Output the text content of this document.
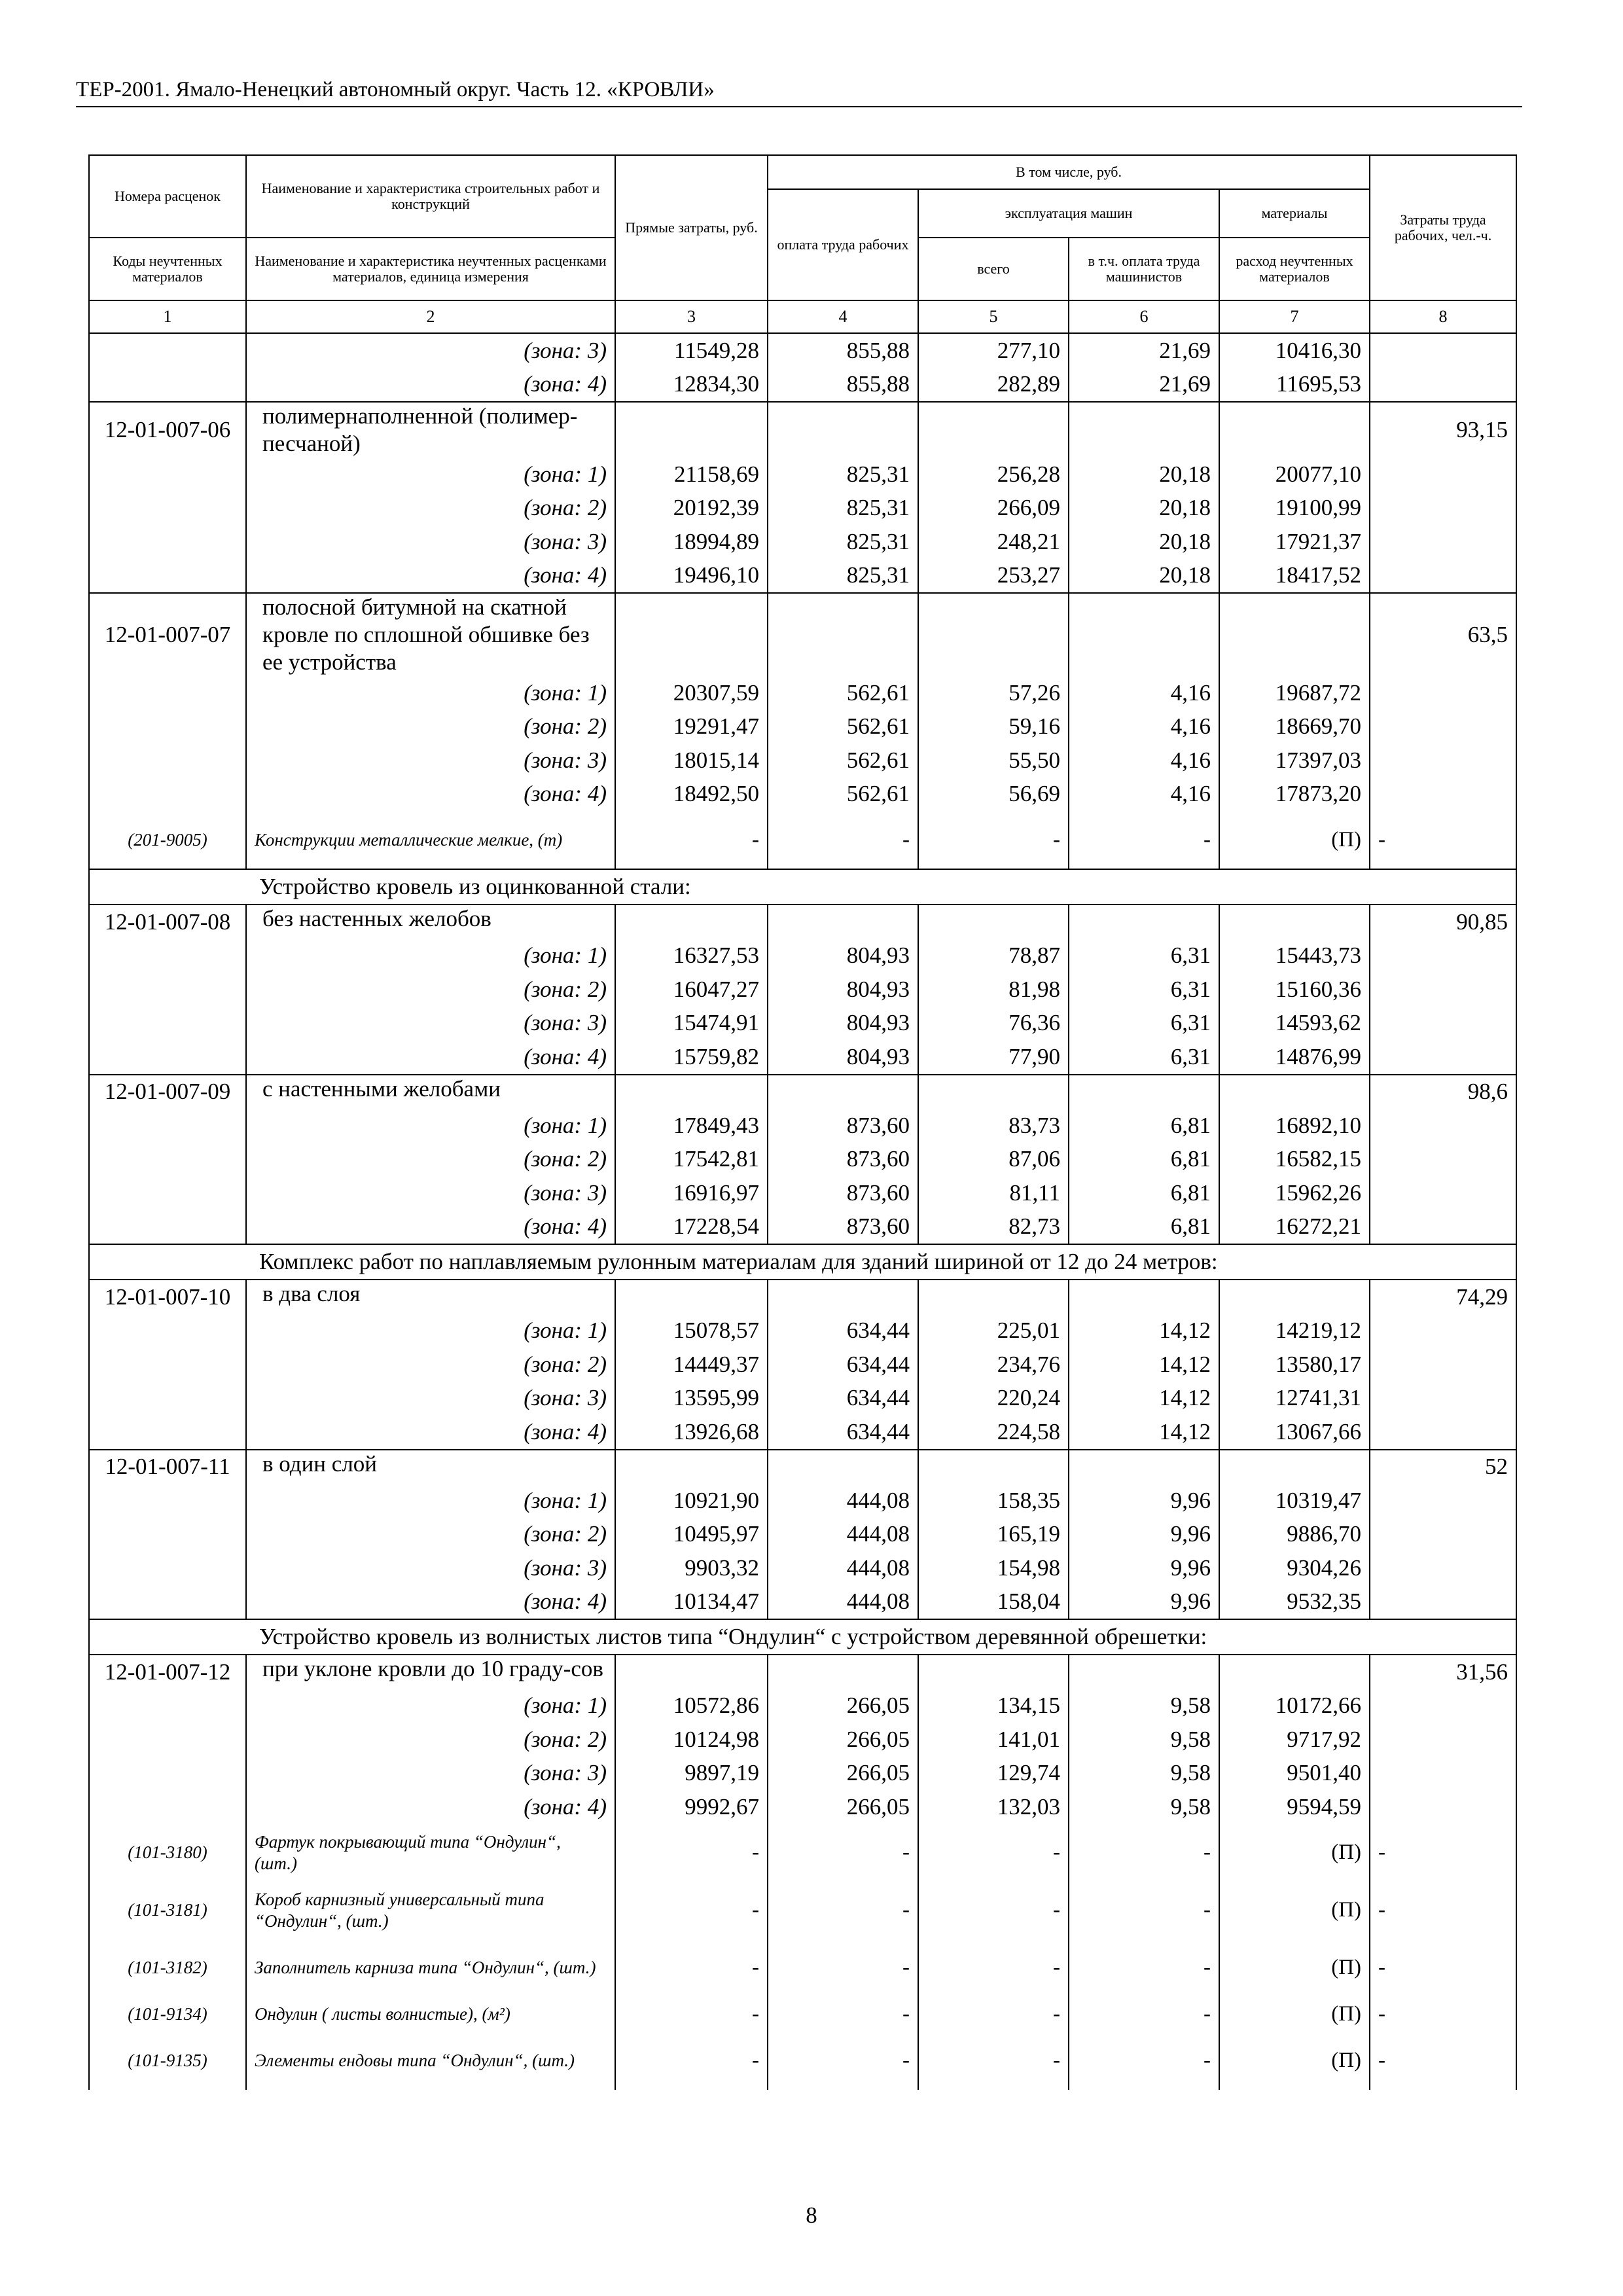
ТЕР-2001. Ямало-Ненецкий автономный округ. Часть 12. «КРОВЛИ»
Номера расценок	Наименование и характеристика строительных работ и конструкций	Прямые затраты, руб.	В том числе, руб.				Затраты труда рабочих, чел.-ч.
			оплата труда рабочих	эксплуатация машин		материалы	

Коды неучтенных материалов	Наименование и характеристика неучтенных расценками материалов, единица измерения			всего	в т.ч. оплата труда машинистов	расход неучтенных материалов	

1	2	3	4	5	6	7	8
	(зона: 3)	11549,28	855,88	277,10	21,69	10416,30	
	(зона: 4)	12834,30	855,88	282,89	21,69	11695,53	
12-01-007-06	полимернаполненной (полимер-песчаной)						93,15
	(зона: 1)	21158,69	825,31	256,28	20,18	20077,10	
	(зона: 2)	20192,39	825,31	266,09	20,18	19100,99	
	(зона: 3)	18994,89	825,31	248,21	20,18	17921,37	
	(зона: 4)	19496,10	825,31	253,27	20,18	18417,52	
12-01-007-07	полосной битумной на скатной кровле по сплошной обшивке без ее устройства						63,5
	(зона: 1)	20307,59	562,61	57,26	4,16	19687,72	
	(зона: 2)	19291,47	562,61	59,16	4,16	18669,70	
	(зона: 3)	18015,14	562,61	55,50	4,16	17397,03	
	(зона: 4)	18492,50	562,61	56,69	4,16	17873,20	
(201-9005)	Конструкции металлические мелкие, (т)	-	-	-	-	(П)	-
Устройство кровель из оцинкованной стали:							
12-01-007-08	без настенных желобов						90,85
	(зона: 1)	16327,53	804,93	78,87	6,31	15443,73	
	(зона: 2)	16047,27	804,93	81,98	6,31	15160,36	
	(зона: 3)	15474,91	804,93	76,36	6,31	14593,62	
	(зона: 4)	15759,82	804,93	77,90	6,31	14876,99	
12-01-007-09	с настенными желобами						98,6
	(зона: 1)	17849,43	873,60	83,73	6,81	16892,10	
	(зона: 2)	17542,81	873,60	87,06	6,81	16582,15	
	(зона: 3)	16916,97	873,60	81,11	6,81	15962,26	
	(зона: 4)	17228,54	873,60	82,73	6,81	16272,21	
Комплекс работ по наплавляемым рулонным материалам для зданий шириной от 12 до 24 метров:							
12-01-007-10	в два слоя						74,29
	(зона: 1)	15078,57	634,44	225,01	14,12	14219,12	
	(зона: 2)	14449,37	634,44	234,76	14,12	13580,17	
	(зона: 3)	13595,99	634,44	220,24	14,12	12741,31	
	(зона: 4)	13926,68	634,44	224,58	14,12	13067,66	
12-01-007-11	в один слой						52
	(зона: 1)	10921,90	444,08	158,35	9,96	10319,47	
	(зона: 2)	10495,97	444,08	165,19	9,96	9886,70	
	(зона: 3)	9903,32	444,08	154,98	9,96	9304,26	
	(зона: 4)	10134,47	444,08	158,04	9,96	9532,35	
Устройство кровель из волнистых листов типа “Ондулин“ с устройством деревянной обрешетки:							
12-01-007-12	при уклоне кровли до 10 граду-сов						31,56
	(зона: 1)	10572,86	266,05	134,15	9,58	10172,66	
	(зона: 2)	10124,98	266,05	141,01	9,58	9717,92	
	(зона: 3)	9897,19	266,05	129,74	9,58	9501,40	
	(зона: 4)	9992,67	266,05	132,03	9,58	9594,59	
(101-3180)	Фартук покрывающий типа “Ондулин“, (шт.)	-	-	-	-	(П)	-
(101-3181)	Короб карнизный универсальный типа “Ондулин“, (шт.)	-	-	-	-	(П)	-
(101-3182)	Заполнитель карниза типа “Ондулин“, (шт.)	-	-	-	-	(П)	-
(101-9134)	Ондулин ( листы волнистые), (м²)	-	-	-	-	(П)	-
(101-9135)	Элементы ендовы типа “Ондулин“, (шт.)	-	-	-	-	(П)	-
8
